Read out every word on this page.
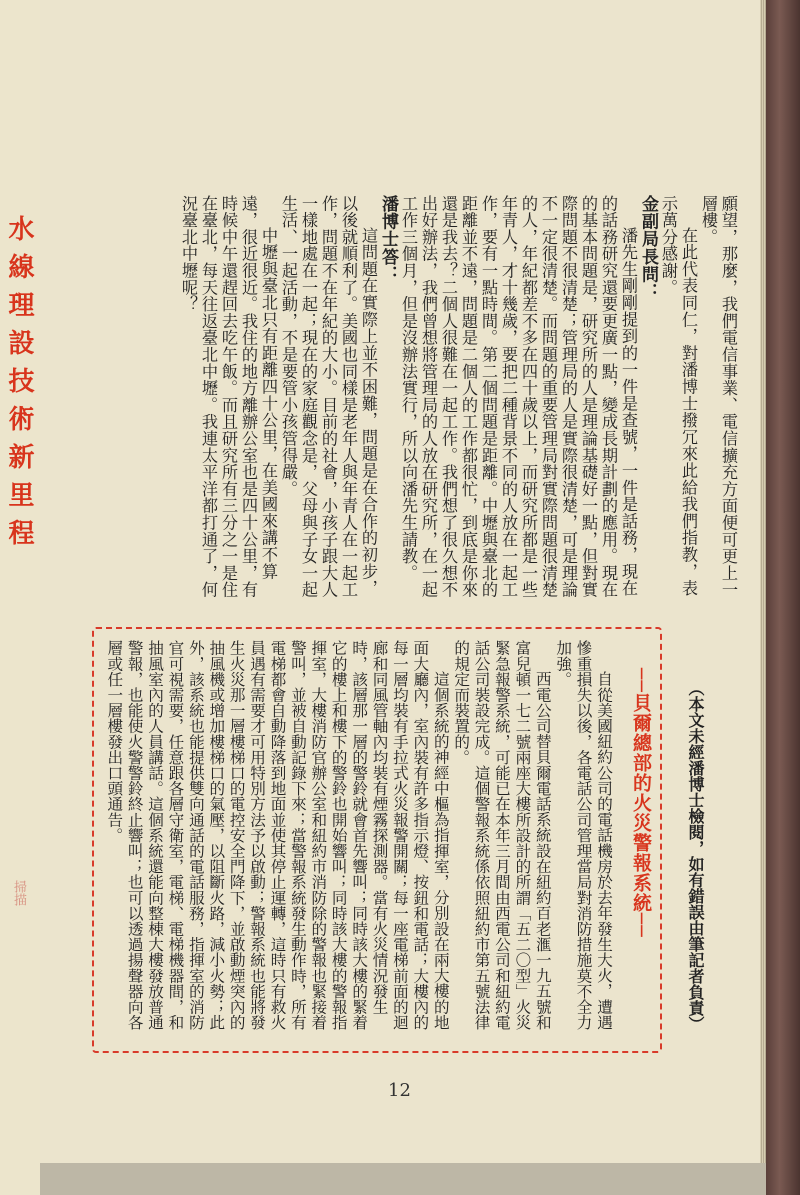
水線理設技術新里程
掃描

願望，那麼，我們電信事業、電信擴充方面便可更上一層樓。

在此代表同仁，對潘博士撥冗來此給我們指教，表示萬分感謝。

金副局長問：

潘先生剛剛提到的一件是查號，一件是話務，現在的話務研究還要更廣一點，變成長期計劃的應用。現在的基本問題是，研究所的人是理論基礎好一點，但對實際問題不很清楚；管理局的人是實際很清楚，可是理論不一定很清楚。而問題的重要管理局對實際問題很清楚的人，年紀都差不多在四十歲以上，而研究所都是一些年青人，才十幾歲，要把二種背景不同的人放在一起工作，要有一點時間。第二個問題是距離。中壢與臺北的距離並不遠，問題是二個人的工作都很忙，到底是你來還是我去？二個人很難在一起工作。我們想了很久想不出好辦法，我們曾想將管理局的人放在研究所，在一起工作三個月，但是沒辦法實行，所以向潘先生請教。

潘博士答：

這問題在實際上並不困難，問題是在合作的初步，以後就順利了。美國也同樣是老年人與年青人在一起工作，問題不在年紀的大小。目前的社會，小孩子跟大人一樣地處在一起；現在的家庭觀念是，父母與子女一起生活、一起活動，不是要管小孩管得嚴。

中壢與臺北只有距離四十公里，在美國來講不算遠，很近很近。我住的地方離辦公室也是四十公里，有時候中午還趕回去吃午飯。而且研究所有三分之一是住在臺北，每天往返臺北中壢。我連太平洋都打通了，何況臺北中壢呢？

（本文未經潘博士檢閱，如有錯誤由筆記者負責）
──貝爾總部的火災警報系統──

自從美國紐約公司的電話機房於去年發生大火，遭遇慘重損失以後，各電話公司管理當局對消防措施莫不全力加強。

西電公司替貝爾電話系統設在紐約百老滙一九五號和富兒頓一七二號兩座大樓所設計的所謂「五二〇型」火災緊急報警系統，可能已在本年三月間由西電公司和紐約電話公司裝設完成。這個警報系統係依照紐約市第五號法律的規定而裝置的。

這個系統的神經中樞為指揮室，分別設在兩大樓的地面大廳內，室內裝有許多指示燈、按鈕和電話；大樓內的每一層均裝有手拉式火災報警開關；每一座電梯前面的迴廊和同風管軸內均裝有煙霧探測器。當有火災情況發生時，該層那一層的警鈴就會首先響叫；同時該大樓的緊着它的樓上和樓下的警鈴也開始響叫；同時該大樓的警報指揮室，大樓消防官辦公室和紐約市消防除的警報也緊接着警叫，並被自動記錄下來；當警報系統發生動作時，所有電梯都會自動降落到地面並使其停止運轉，這時只有救火員遇有需要才可用特別方法予以啟動；警報系統也能將發生火災那一層樓梯口的電控安全門降下，並啟動煙突內的抽風機或增加樓梯口的氣壓，以阻斷火路，減小火勢；此外，該系統也能提供雙向通話的電話服務，指揮室的消防官可視需要，任意跟各層守衛室，電梯、電梯機器間，和抽風室內的人員講話。這個系統還能向整棟大樓發放普通警報，也能使火警警鈴終止響叫；也可以透過揚聲器向各層或任一層樓發出口頭通告。

12
